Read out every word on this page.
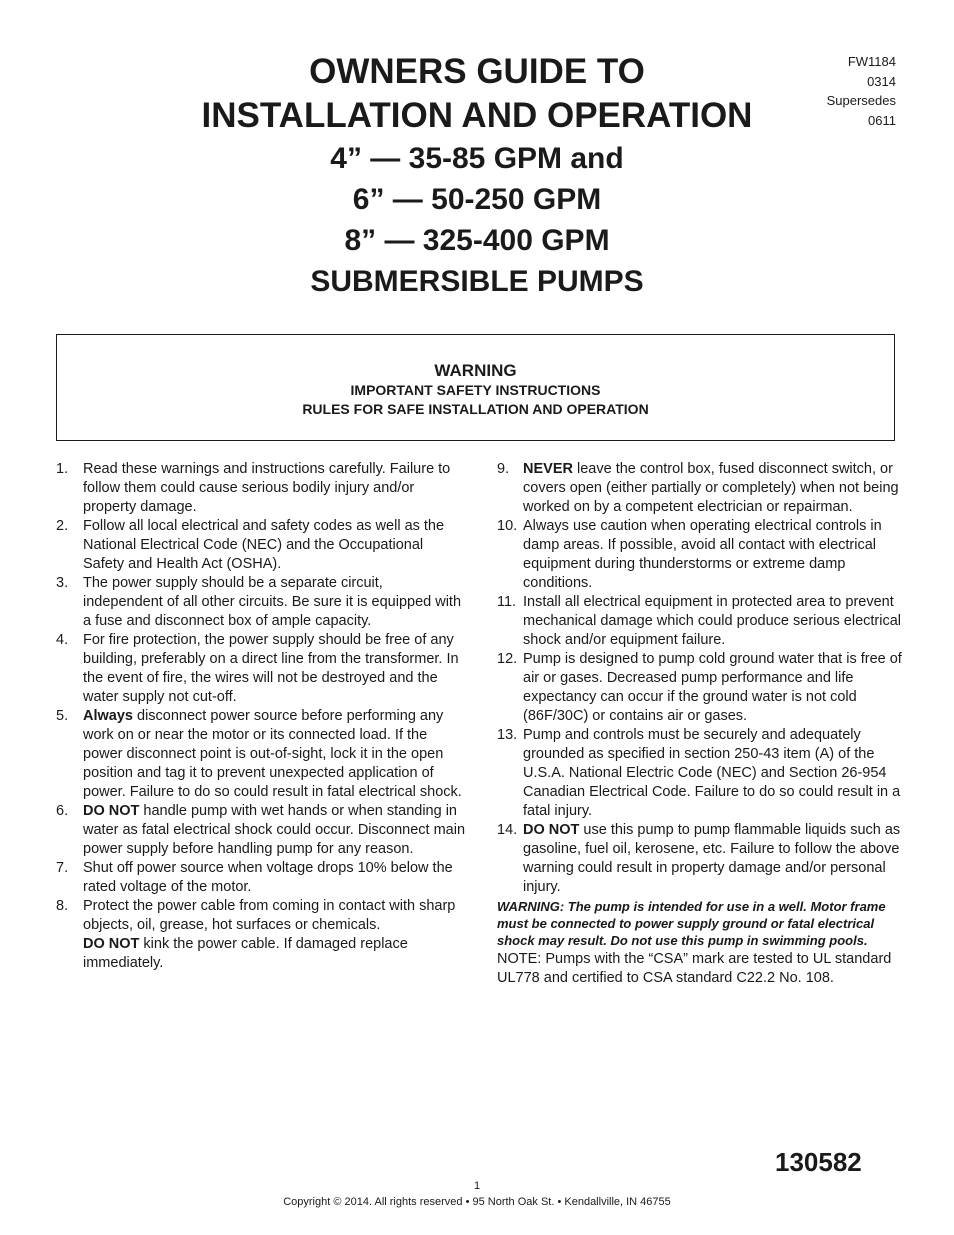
FW1184
0314
Supersedes
0611
OWNERS GUIDE TO
INSTALLATION AND OPERATION
4” — 35-85 GPM and
6” — 50-250 GPM
8” — 325-400 GPM
SUBMERSIBLE PUMPS
WARNING
IMPORTANT SAFETY INSTRUCTIONS
RULES FOR SAFE INSTALLATION AND OPERATION
1.	Read these warnings and instructions carefully. Failure to follow them could cause serious bodily injury and/or property damage.
2.	Follow all local electrical and safety codes as well as the National Electrical Code (NEC) and the Occupational Safety and Health Act (OSHA).
3.	The power supply should be a separate circuit, independent of all other circuits. Be sure it is equipped with a fuse and disconnect box of ample capacity.
4.	For fire protection, the power supply should be free of any building, preferably on a direct line from the transformer. In the event of fire, the wires will not be destroyed and the water supply not cut-off.
5.	Always disconnect power source before performing any work on or near the motor or its connected load. If the power disconnect point is out-of-sight, lock it in the open position and tag it to prevent unexpected application of power. Failure to do so could result in fatal electrical shock.
6.	DO NOT handle pump with wet hands or when standing in water as fatal electrical shock could occur. Disconnect main power supply before handling pump for any reason.
7.	Shut off power source when voltage drops 10% below the rated voltage of the motor.
8.	Protect the power cable from coming in contact with sharp objects, oil, grease, hot surfaces or chemicals.
DO NOT kink the power cable. If damaged replace immediately.
9. NEVER leave the control box, fused disconnect switch, or covers open (either partially or completely) when not being worked on by a competent electrician or repairman.
10. Always use caution when operating electrical controls in damp areas. If possible, avoid all contact with electrical equipment during thunderstorms or extreme damp conditions.
11. Install all electrical equipment in protected area to prevent mechanical damage which could produce serious electrical shock and/or equipment failure.
12. Pump is designed to pump cold ground water that is free of air or gases. Decreased pump performance and life expectancy can occur if the ground water is not cold (86F/30C) or contains air or gases.
13. Pump and controls must be securely and adequately grounded as specified in section 250-43 item (A) of the U.S.A. National Electric Code (NEC) and Section 26-954 Canadian Electrical Code. Failure to do so could result in a fatal injury.
14. DO NOT use this pump to pump flammable liquids such as gasoline, fuel oil, kerosene, etc. Failure to follow the above warning could result in property damage and/or personal injury.
WARNING: The pump is intended for use in a well. Motor frame must be connected to power supply ground or fatal electrical shock may result. Do not use this pump in swimming pools.
NOTE: Pumps with the “CSA” mark are tested to UL standard UL778 and certified to CSA standard C22.2 No. 108.
130582
1
Copyright © 2014. All rights reserved • 95 North Oak St. • Kendallville, IN 46755
